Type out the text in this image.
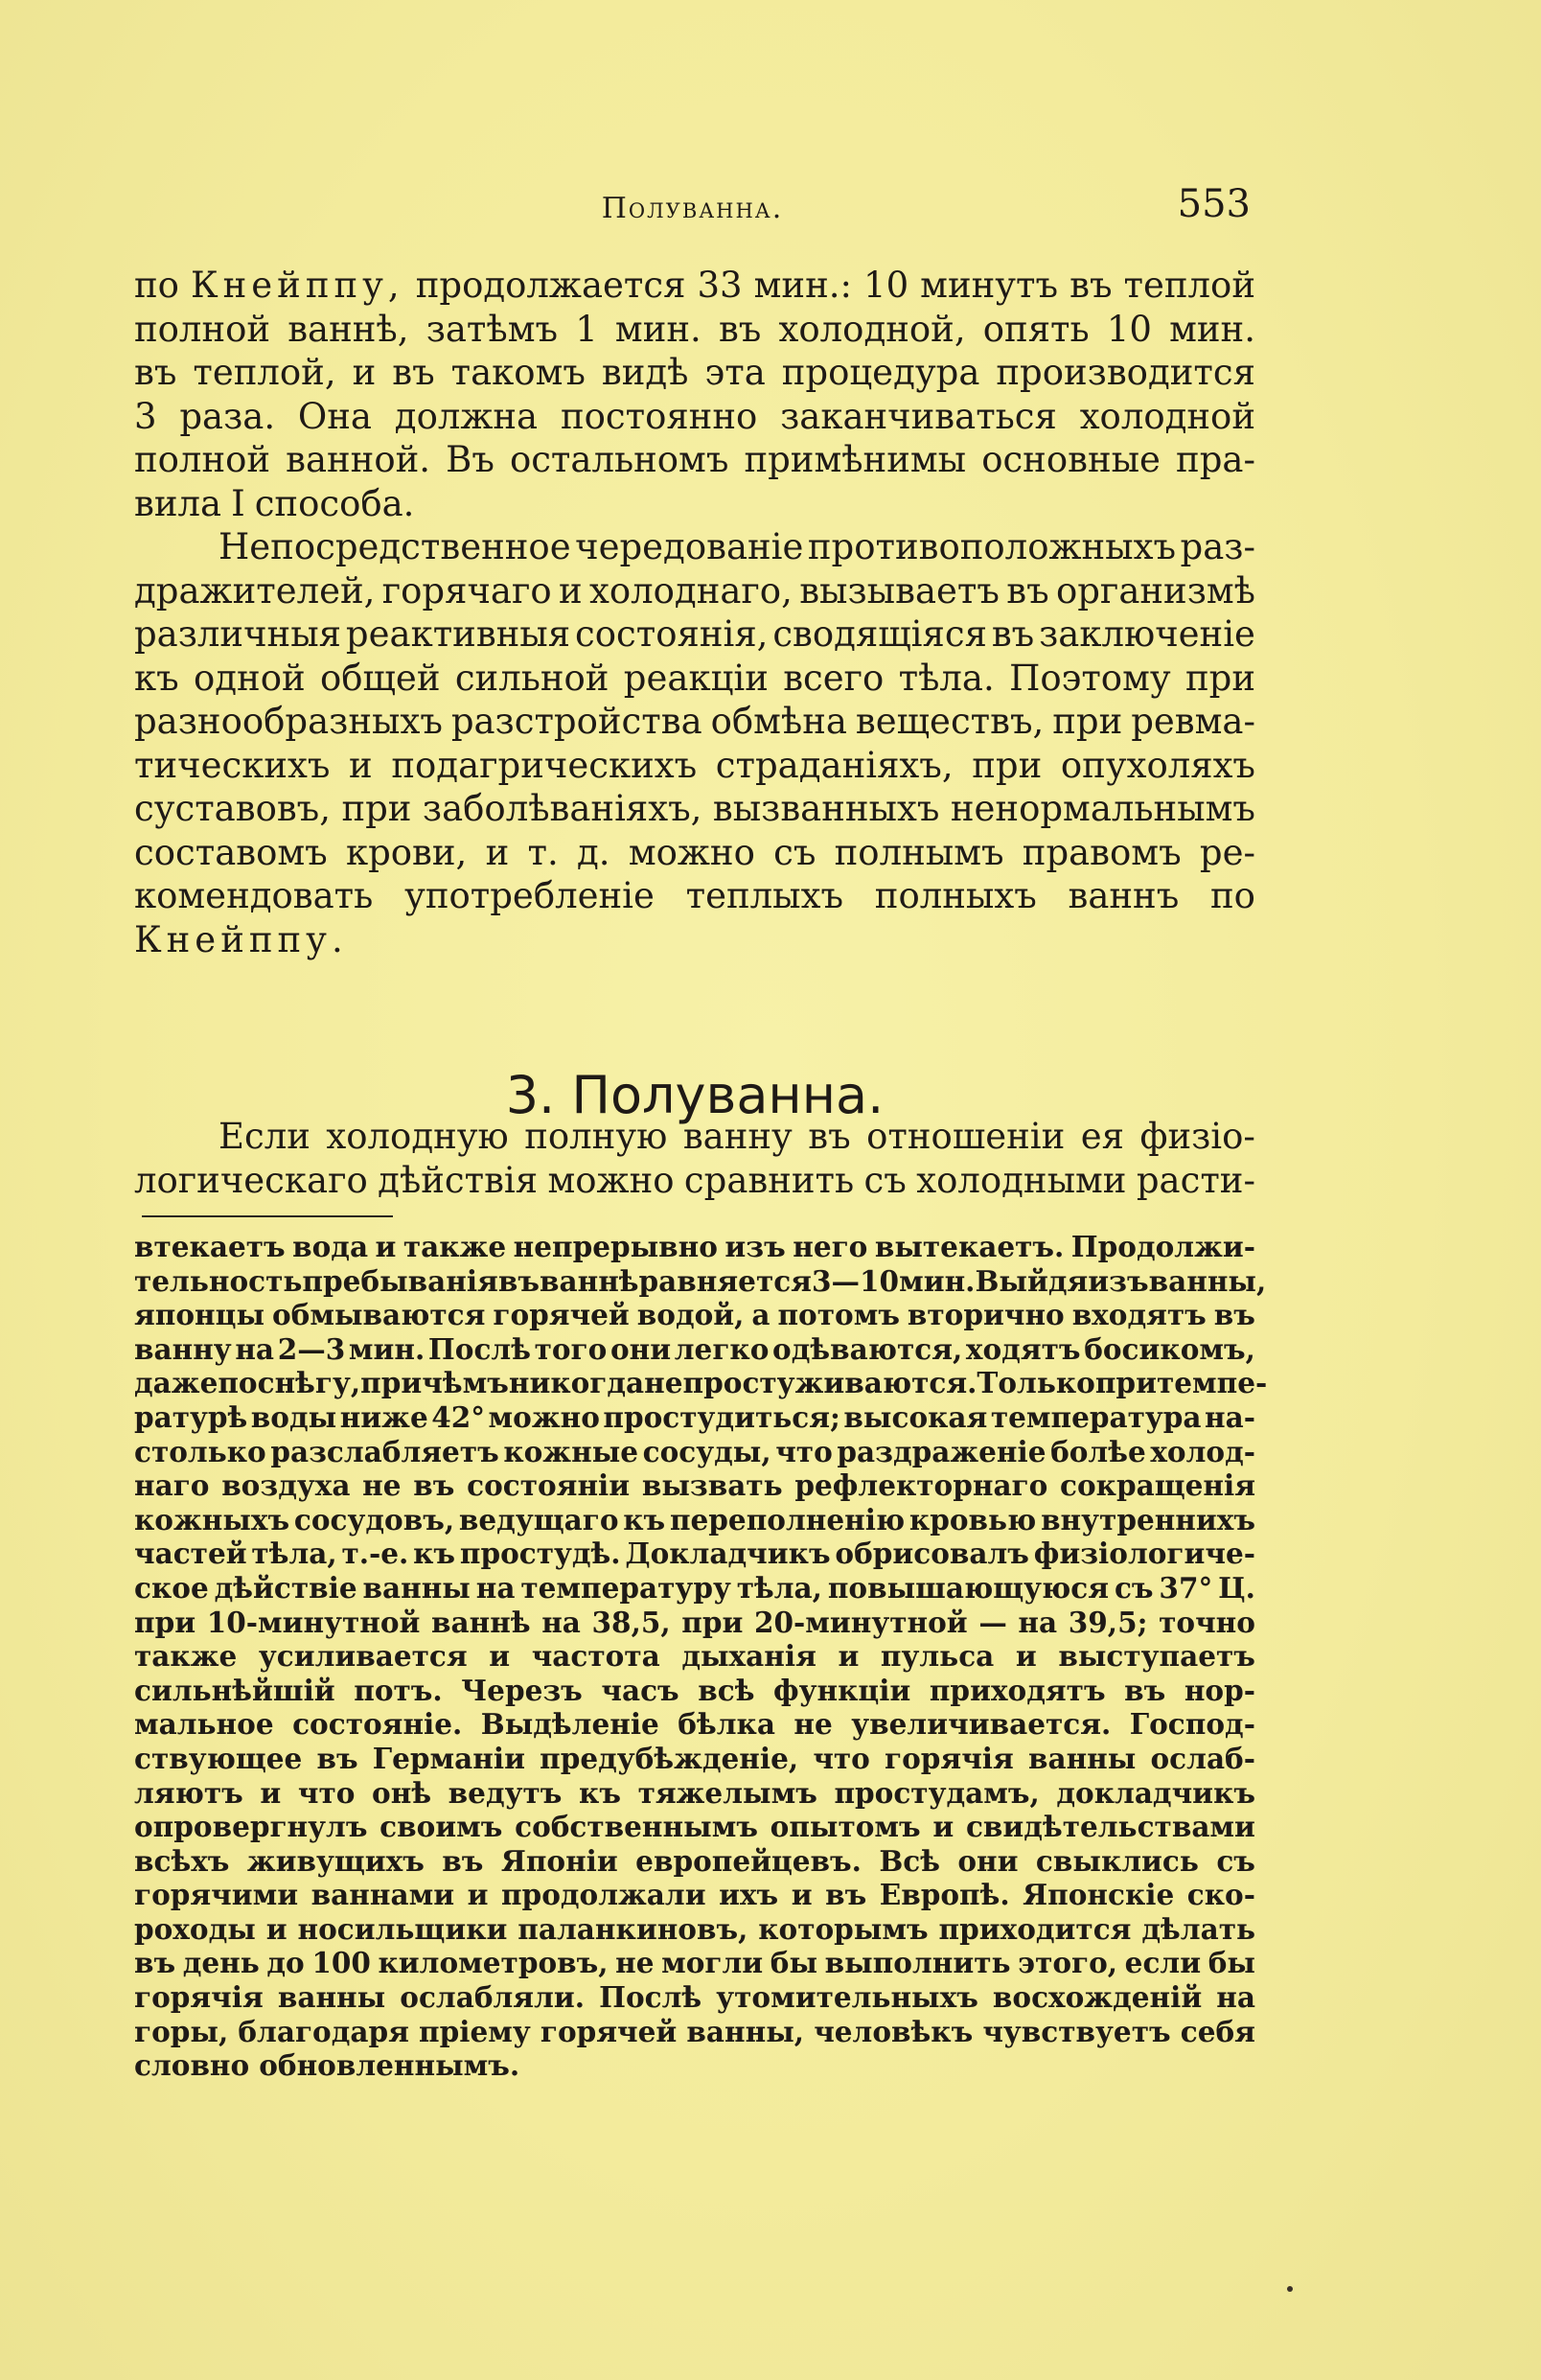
Полуванна.	553
по Кнейппу, продолжается 33 мин.: 10 минутъ въ теплой
полной ваннѣ, затѣмъ 1 мин. въ холодной, опять 10 мин.
въ теплой, и въ такомъ видѣ эта процедура производится
3 раза. Она должна постоянно заканчиваться холодной
полной ванной. Въ остальномъ примѣнимы основные пра-
вила I способа.
Непосредственное чередованіе противоположныхъ раз-
дражителей, горячаго и холоднаго, вызываетъ въ организмѣ
различныя реактивныя состоянія, сводящіяся въ заключеніе
къ одной общей сильной реакціи всего тѣла. Поэтому при
разнообразныхъ разстройства обмѣна веществъ, при ревма-
тическихъ и подагрическихъ страданіяхъ, при опухоляхъ
суставовъ, при заболѣваніяхъ, вызванныхъ ненормальнымъ
составомъ крови, и т. д. можно съ полнымъ правомъ ре-
комендовать употребленіе теплыхъ полныхъ ваннъ по
Кнейппу.
3. Полуванна.
Если холодную полную ванну въ отношеніи ея физіо-
логическаго дѣйствія можно сравнить съ холодными расти-
втекаетъ вода и также непрерывно изъ него вытекаетъ. Продолжи-
тельность пребыванія въ ваннѣ равняется 3—10 мин. Выйдя изъ ванны,
японцы обмываются горячей водой, а потомъ вторично входятъ въ
ванну на 2—3 мин. Послѣ того они легко одѣваются, ходятъ босикомъ,
даже по снѣгу, причѣмъ никогда не простуживаются. Только при темпе-
ратурѣ воды ниже 42° можно простудиться; высокая температура на-
столько разслабляетъ кожные сосуды, что раздраженіе болѣе холод-
наго воздуха не въ состояніи вызвать рефлекторнаго сокращенія
кожныхъ сосудовъ, ведущаго къ переполненію кровью внутреннихъ
частей тѣла, т.-е. къ простудѣ. Докладчикъ обрисовалъ физіологиче-
ское дѣйствіе ванны на температуру тѣла, повышающуюся съ 37° Ц.
при 10-минутной ваннѣ на 38,5, при 20-минутной — на 39,5; точно
также усиливается и частота дыханія и пульса и выступаетъ
сильнѣйшій потъ. Черезъ часъ всѣ функціи приходятъ въ нор-
мальное состояніе. Выдѣленіе бѣлка не увеличивается. Господ-
ствующее въ Германіи предубѣжденіе, что горячія ванны ослаб-
ляютъ и что онѣ ведутъ къ тяжелымъ простудамъ, докладчикъ
опровергнулъ своимъ собственнымъ опытомъ и свидѣтельствами
всѣхъ живущихъ въ Японіи европейцевъ. Всѣ они свыклись съ
горячими ваннами и продолжали ихъ и въ Европѣ. Японскіе ско-
роходы и носильщики паланкиновъ, которымъ приходится дѣлать
въ день до 100 километровъ, не могли бы выполнить этого, если бы
горячія ванны ослабляли. Послѣ утомительныхъ восхожденій на
горы, благодаря пріему горячей ванны, человѣкъ чувствуетъ себя
словно обновленнымъ.
